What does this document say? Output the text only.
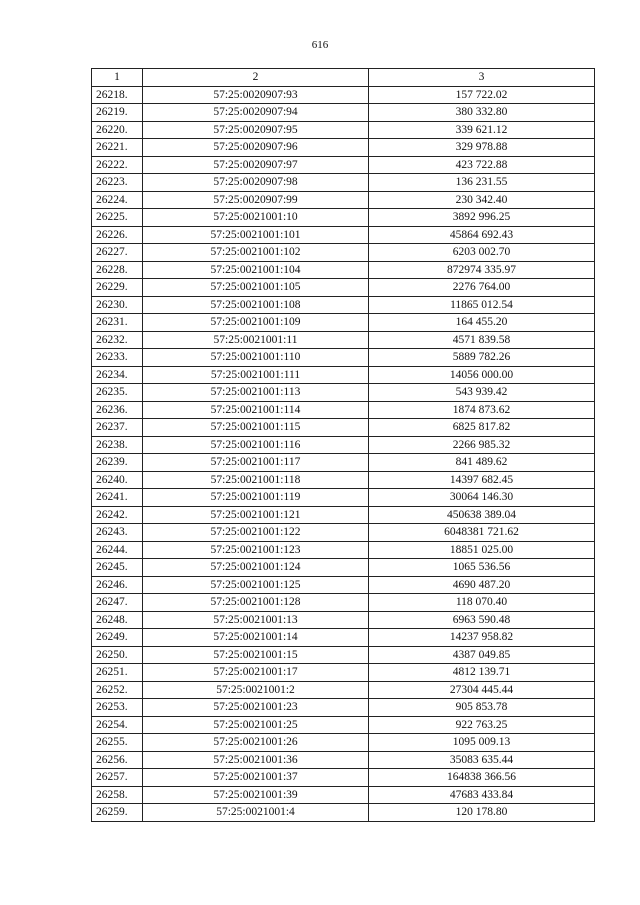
616
1	2	3
26218.	57:25:0020907:93	157 722.02
26219.	57:25:0020907:94	380 332.80
26220.	57:25:0020907:95	339 621.12
26221.	57:25:0020907:96	329 978.88
26222.	57:25:0020907:97	423 722.88
26223.	57:25:0020907:98	136 231.55
26224.	57:25:0020907:99	230 342.40
26225.	57:25:0021001:10	3892 996.25
26226.	57:25:0021001:101	45864 692.43
26227.	57:25:0021001:102	6203 002.70
26228.	57:25:0021001:104	872974 335.97
26229.	57:25:0021001:105	2276 764.00
26230.	57:25:0021001:108	11865 012.54
26231.	57:25:0021001:109	164 455.20
26232.	57:25:0021001:11	4571 839.58
26233.	57:25:0021001:110	5889 782.26
26234.	57:25:0021001:111	14056 000.00
26235.	57:25:0021001:113	543 939.42
26236.	57:25:0021001:114	1874 873.62
26237.	57:25:0021001:115	6825 817.82
26238.	57:25:0021001:116	2266 985.32
26239.	57:25:0021001:117	841 489.62
26240.	57:25:0021001:118	14397 682.45
26241.	57:25:0021001:119	30064 146.30
26242.	57:25:0021001:121	450638 389.04
26243.	57:25:0021001:122	6048381 721.62
26244.	57:25:0021001:123	18851 025.00
26245.	57:25:0021001:124	1065 536.56
26246.	57:25:0021001:125	4690 487.20
26247.	57:25:0021001:128	118 070.40
26248.	57:25:0021001:13	6963 590.48
26249.	57:25:0021001:14	14237 958.82
26250.	57:25:0021001:15	4387 049.85
26251.	57:25:0021001:17	4812 139.71
26252.	57:25:0021001:2	27304 445.44
26253.	57:25:0021001:23	905 853.78
26254.	57:25:0021001:25	922 763.25
26255.	57:25:0021001:26	1095 009.13
26256.	57:25:0021001:36	35083 635.44
26257.	57:25:0021001:37	164838 366.56
26258.	57:25:0021001:39	47683 433.84
26259.	57:25:0021001:4	120 178.80
